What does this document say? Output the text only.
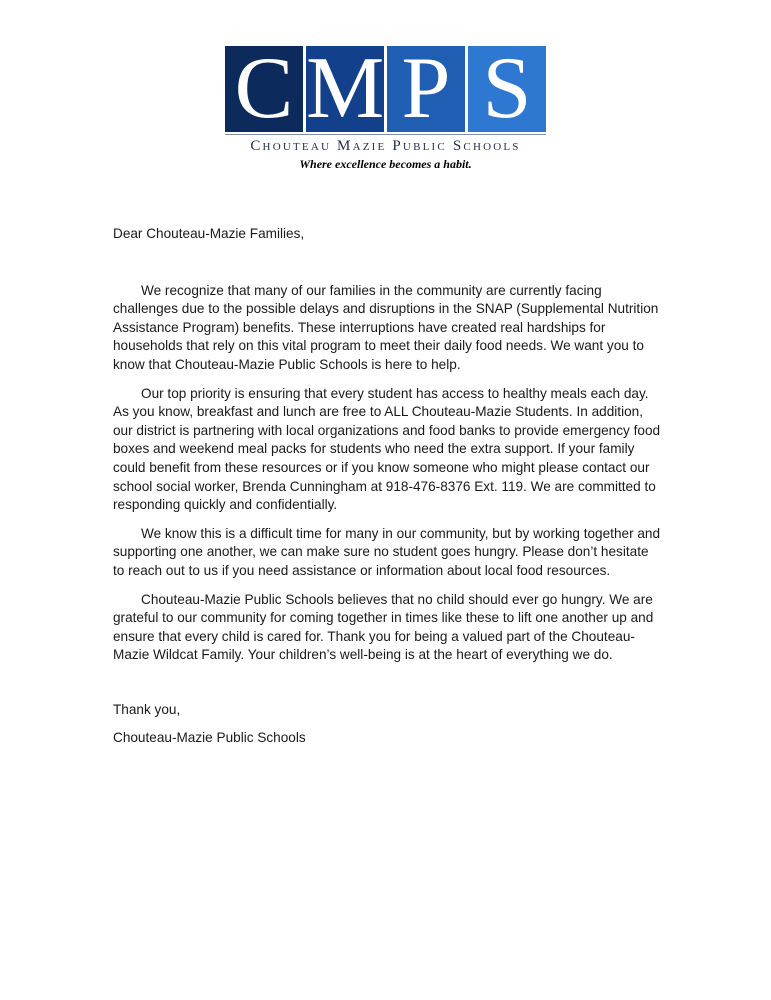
C M P S
Chouteau Mazie Public Schools
Where excellence becomes a habit.

Dear Chouteau-Mazie Families,

We recognize that many of our families in the community are currently facing challenges due to the possible delays and disruptions in the SNAP (Supplemental Nutrition Assistance Program) benefits. These interruptions have created real hardships for households that rely on this vital program to meet their daily food needs. We want you to know that Chouteau-Mazie Public Schools is here to help.

Our top priority is ensuring that every student has access to healthy meals each day. As you know, breakfast and lunch are free to ALL Chouteau-Mazie Students. In addition, our district is partnering with local organizations and food banks to provide emergency food boxes and weekend meal packs for students who need the extra support. If your family could benefit from these resources or if you know someone who might please contact our school social worker, Brenda Cunningham at 918-476-8376 Ext. 119. We are committed to responding quickly and confidentially.

We know this is a difficult time for many in our community, but by working together and supporting one another, we can make sure no student goes hungry. Please don’t hesitate to reach out to us if you need assistance or information about local food resources.

Chouteau-Mazie Public Schools believes that no child should ever go hungry. We are grateful to our community for coming together in times like these to lift one another up and ensure that every child is cared for. Thank you for being a valued part of the Chouteau-Mazie Wildcat Family. Your children’s well-being is at the heart of everything we do.

Thank you,

Chouteau-Mazie Public Schools
